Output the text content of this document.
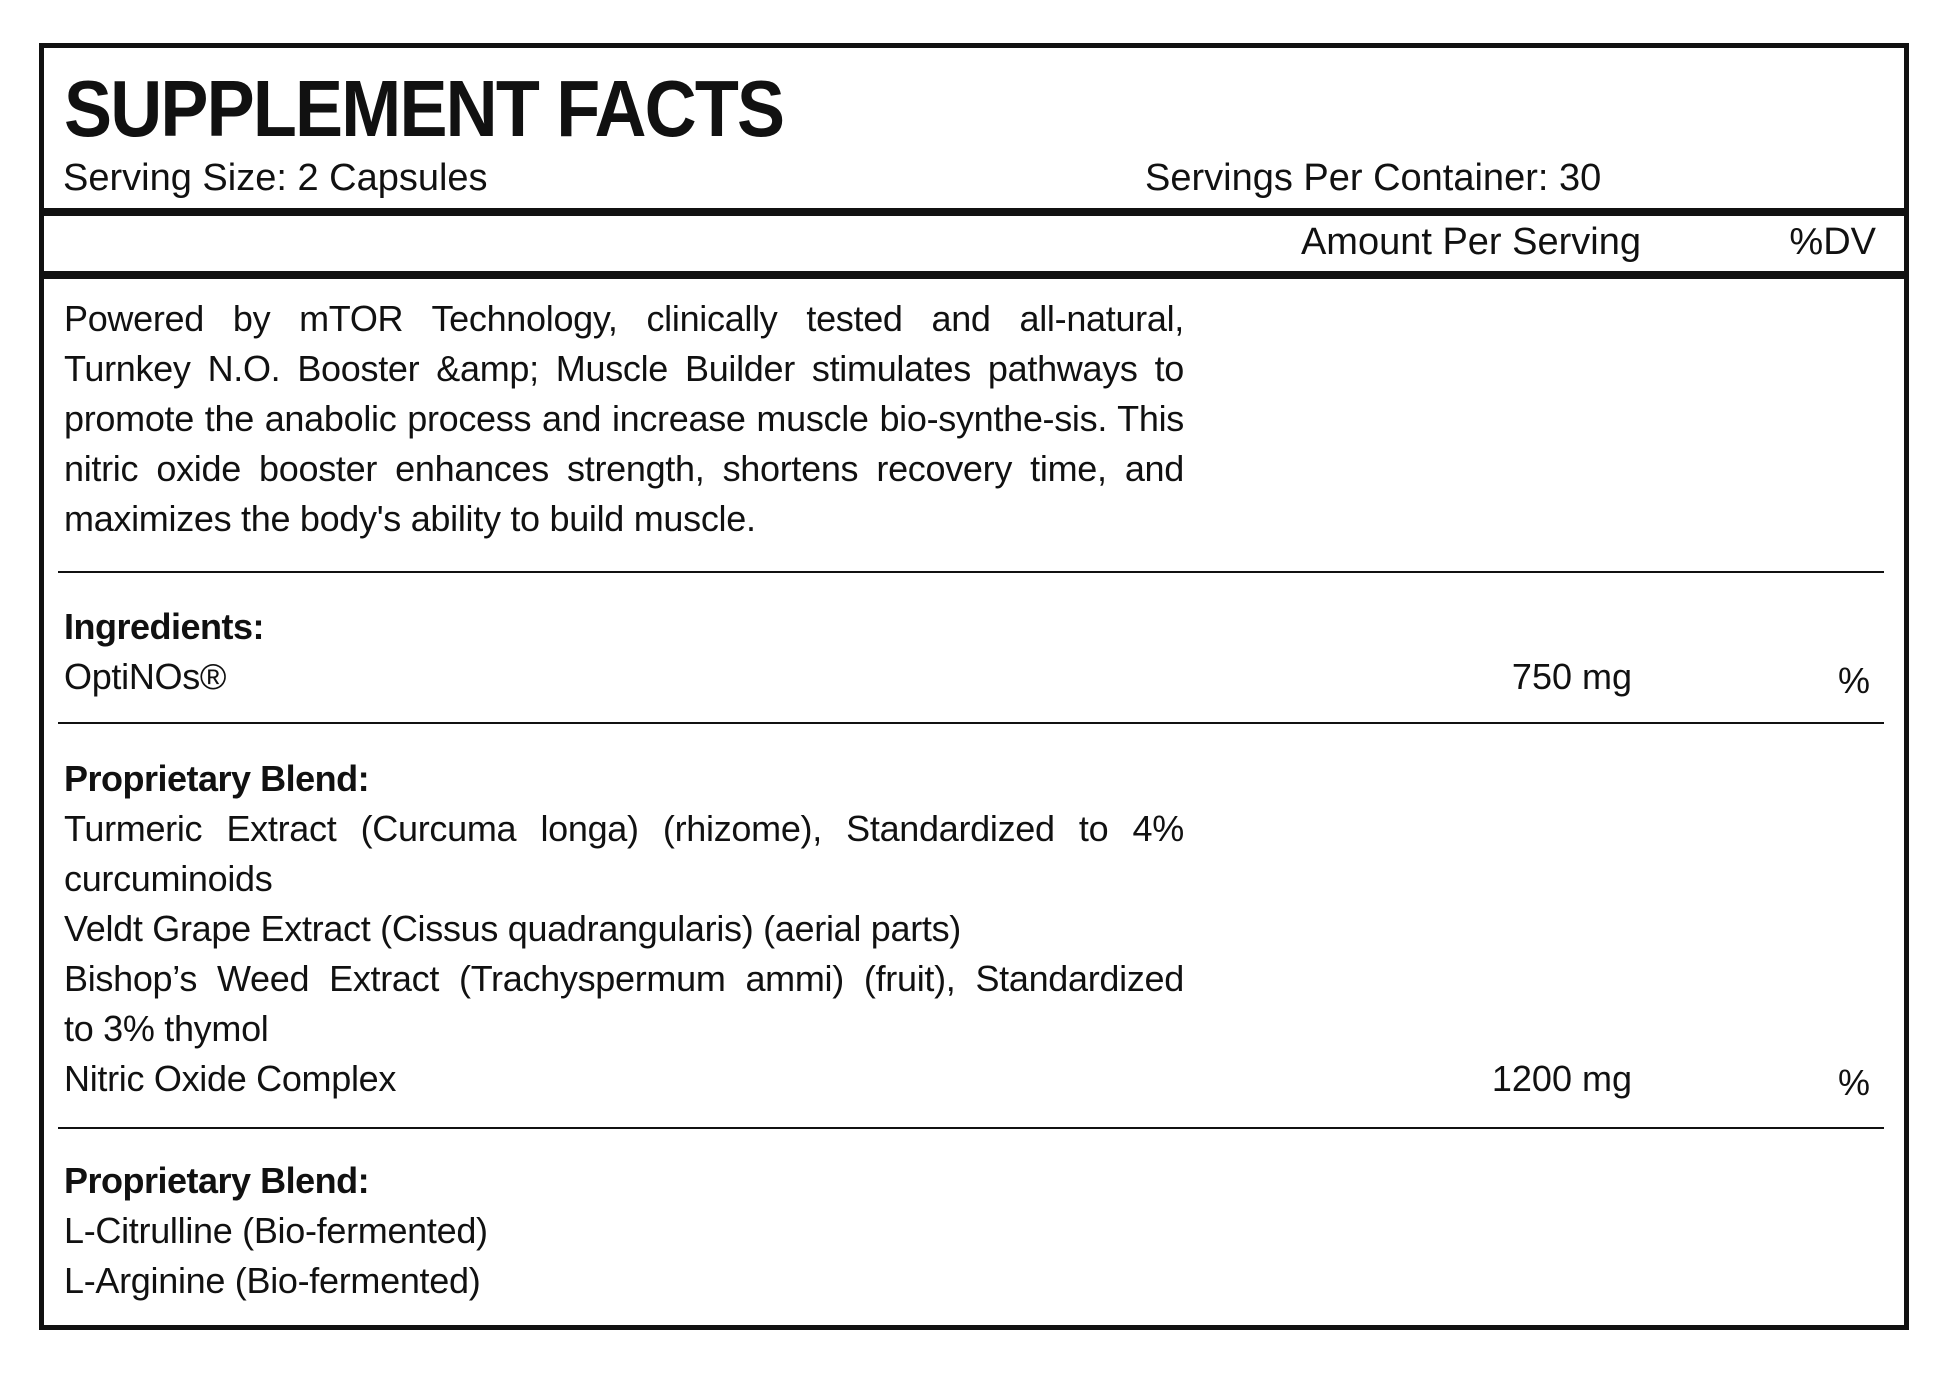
SUPPLEMENT FACTS
Serving Size: 2 Capsules	Servings Per Container: 30
Amount Per Serving	%DV

Powered by mTOR Technology, clinically tested and all-natural, Turnkey N.O. Booster &amp; Muscle Builder stimulates pathways to promote the anabolic process and increase muscle bio-synthe-sis. This nitric oxide booster enhances strength, shortens recovery time, and maximizes the body's ability to build muscle.

Ingredients:
OptiNOs®	750 mg	%
Proprietary Blend:
Turmeric Extract (Curcuma longa) (rhizome), Standardized to 4%
curcuminoids
Veldt Grape Extract (Cissus quadrangularis) (aerial parts)
Bishop’s Weed Extract (Trachyspermum ammi) (fruit), Standardized
to 3% thymol
Nitric Oxide Complex	1200 mg	%
Proprietary Blend:
L-Citrulline (Bio-fermented)
L-Arginine (Bio-fermented)
